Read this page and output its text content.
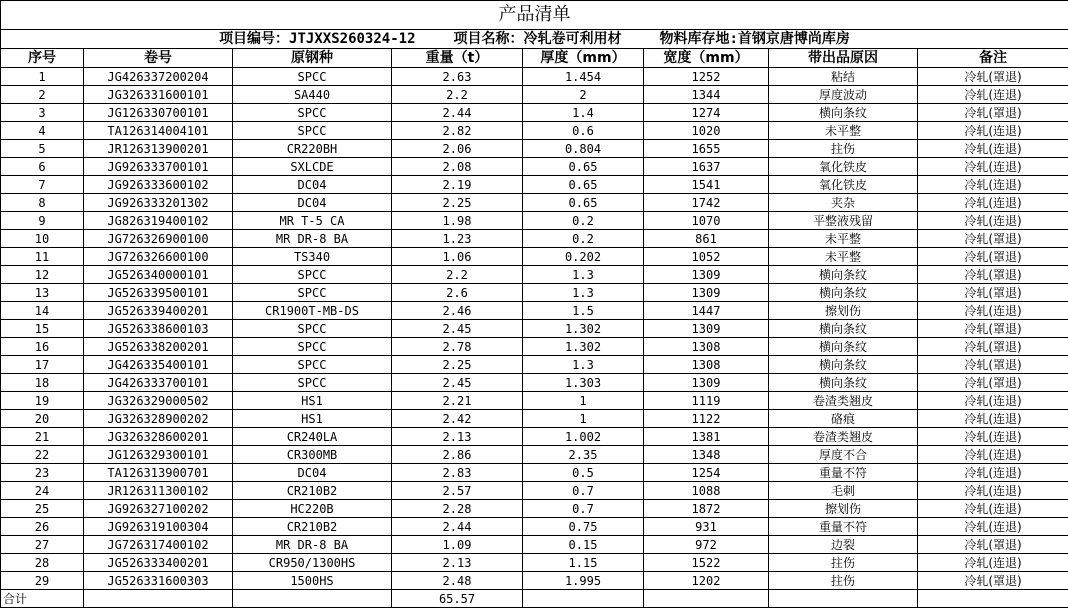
产品清单							
项目编号：JTJXXS260324-12 项目名称：冷轧卷可利用材 物料库存地:首钢京唐博尚库房							
序号	卷号	原钢种	重量（t）	厚度（mm）	宽度（mm）	带出品原因	备注
1	JG426337200204	SPCC	2.63	1.454	1252	粘结	冷轧(罩退)
2	JG326331600101	SA440	2.2	2	1344	厚度波动	冷轧(连退)
3	JG126330700101	SPCC	2.44	1.4	1274	横向条纹	冷轧(罩退)
4	TA126314004101	SPCC	2.82	0.6	1020	未平整	冷轧(连退)
5	JR126313900201	CR220BH	2.06	0.804	1655	拄伤	冷轧(连退)
6	JG926333700101	SXLCDE	2.08	0.65	1637	氧化铁皮	冷轧(连退)
7	JG926333600102	DC04	2.19	0.65	1541	氧化铁皮	冷轧(连退)
8	JG926333201302	DC04	2.25	0.65	1742	夹杂	冷轧(连退)
9	JG826319400102	MR T-5 CA	1.98	0.2	1070	平整液残留	冷轧(连退)
10	JG726326900100	MR DR-8 BA	1.23	0.2	861	未平整	冷轧(罩退)
11	JG726326600100	TS340	1.06	0.202	1052	未平整	冷轧(罩退)
12	JG526340000101	SPCC	2.2	1.3	1309	横向条纹	冷轧(罩退)
13	JG526339500101	SPCC	2.6	1.3	1309	横向条纹	冷轧(罩退)
14	JG526339400201	CR1900T-MB-DS	2.46	1.5	1447	擦划伤	冷轧(连退)
15	JG526338600103	SPCC	2.45	1.302	1309	横向条纹	冷轧(罩退)
16	JG526338200201	SPCC	2.78	1.302	1308	横向条纹	冷轧(罩退)
17	JG426335400101	SPCC	2.25	1.3	1308	横向条纹	冷轧(罩退)
18	JG426333700101	SPCC	2.45	1.303	1309	横向条纹	冷轧(罩退)
19	JG326329000502	HS1	2.21	1	1119	卷渣类翘皮	冷轧(连退)
20	JG326328900202	HS1	2.42	1	1122	硌痕	冷轧(连退)
21	JG326328600201	CR240LA	2.13	1.002	1381	卷渣类翘皮	冷轧(连退)
22	JG126329300101	CR300MB	2.86	2.35	1348	厚度不合	冷轧(连退)
23	TA126313900701	DC04	2.83	0.5	1254	重量不符	冷轧(连退)
24	JR126311300102	CR210B2	2.57	0.7	1088	毛刺	冷轧(连退)
25	JG926327100202	HC220B	2.28	0.7	1872	擦划伤	冷轧(连退)
26	JG926319100304	CR210B2	2.44	0.75	931	重量不符	冷轧(连退)
27	JG726317400102	MR DR-8 BA	1.09	0.15	972	边裂	冷轧(罩退)
28	JG526333400201	CR950/1300HS	2.13	1.15	1522	拄伤	冷轧(连退)
29	JG526331600303	1500HS	2.48	1.995	1202	拄伤	冷轧(罩退)
合计			65.57				
